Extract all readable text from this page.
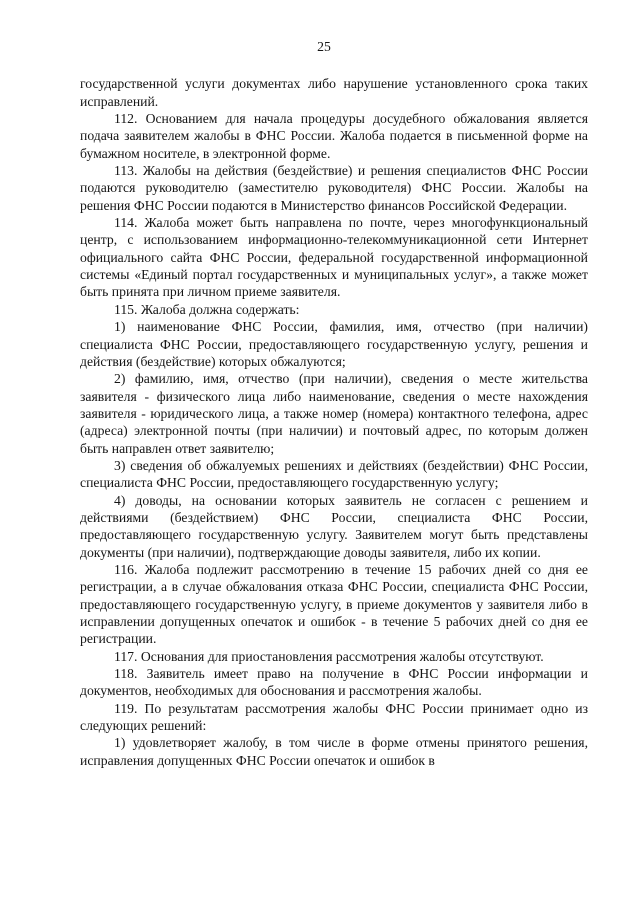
25

государственной услуги документах либо нарушение установленного срока таких исправлений.

112. Основанием для начала процедуры досудебного обжалования является подача заявителем жалобы в ФНС России. Жалоба подается в письменной форме на бумажном носителе, в электронной форме.

113. Жалобы на действия (бездействие) и решения специалистов ФНС России подаются руководителю (заместителю руководителя) ФНС России. Жалобы на решения ФНС России подаются в Министерство финансов Российской Федерации.

114. Жалоба может быть направлена по почте, через многофункциональный центр, с использованием информационно-телекоммуникационной сети Интернет официального сайта ФНС России, федеральной государственной информационной системы «Единый портал государственных и муниципальных услуг», а также может быть принята при личном приеме заявителя.

115. Жалоба должна содержать:

1) наименование ФНС России, фамилия, имя, отчество (при наличии) специалиста ФНС России, предоставляющего государственную услугу, решения и действия (бездействие) которых обжалуются;

2) фамилию, имя, отчество (при наличии), сведения о месте жительства заявителя - физического лица либо наименование, сведения о месте нахождения заявителя - юридического лица, а также номер (номера) контактного телефона, адрес (адреса) электронной почты (при наличии) и почтовый адрес, по которым должен быть направлен ответ заявителю;

3) сведения об обжалуемых решениях и действиях (бездействии) ФНС России, специалиста ФНС России, предоставляющего государственную услугу;

4) доводы, на основании которых заявитель не согласен с решением и действиями (бездействием) ФНС России, специалиста ФНС России, предоставляющего государственную услугу. Заявителем могут быть представлены документы (при наличии), подтверждающие доводы заявителя, либо их копии.

116. Жалоба подлежит рассмотрению в течение 15 рабочих дней со дня ее регистрации, а в случае обжалования отказа ФНС России, специалиста ФНС России, предоставляющего государственную услугу, в приеме документов у заявителя либо в исправлении допущенных опечаток и ошибок - в течение 5 рабочих дней со дня ее регистрации.

117. Основания для приостановления рассмотрения жалобы отсутствуют.

118. Заявитель имеет право на получение в ФНС России информации и документов, необходимых для обоснования и рассмотрения жалобы.

119. По результатам рассмотрения жалобы ФНС России принимает одно из следующих решений:

1) удовлетворяет жалобу, в том числе в форме отмены принятого решения, исправления допущенных ФНС России опечаток и ошибок в
